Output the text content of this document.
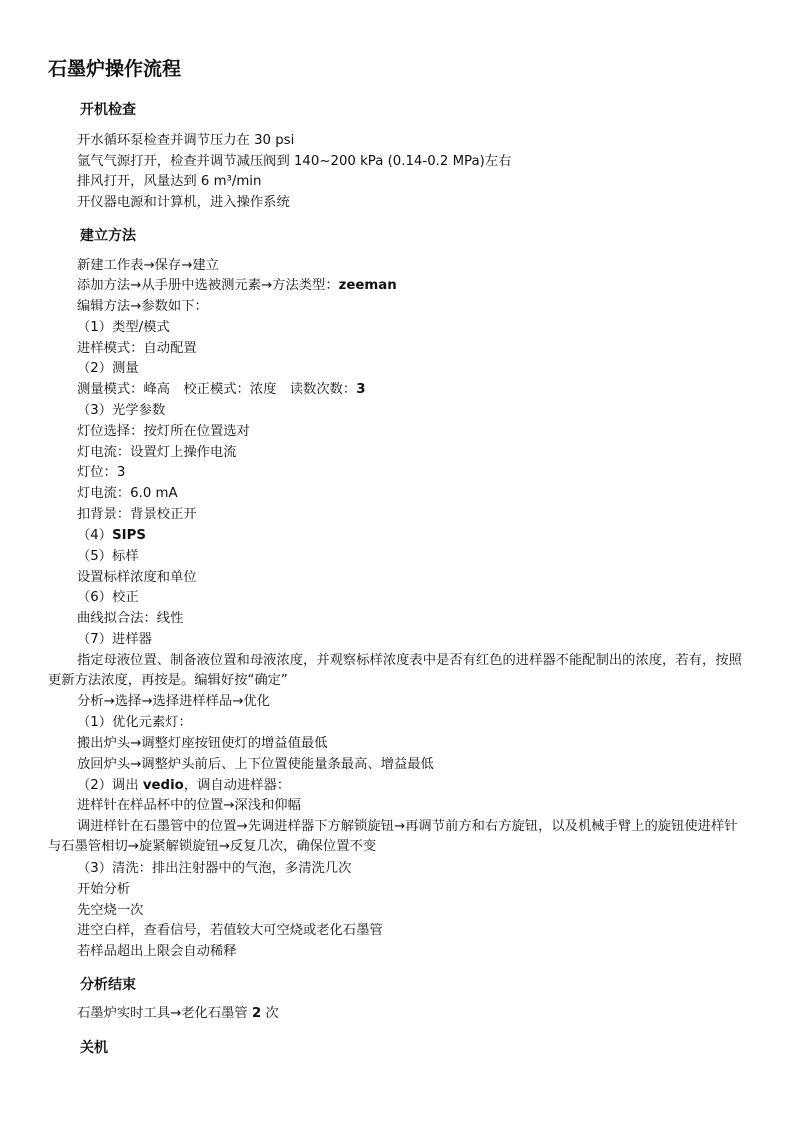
石墨炉操作流程
开机检查
开水循环泵检查并调节压力在 30 psi
氩气气源打开，检查并调节减压阀到 140~200 kPa (0.14-0.2 MPa)左右
排风打开，风量达到 6 m³/min
开仪器电源和计算机，进入操作系统
建立方法
新建工作表→保存→建立
添加方法→从手册中选被测元素→方法类型：zeeman
编辑方法→参数如下：
（1）类型/模式
进样模式：自动配置
（2）测量
测量模式：峰高　校正模式：浓度　读数次数：3
（3）光学参数
灯位选择：按灯所在位置选对
灯电流：设置灯上操作电流
灯位：3
灯电流：6.0 mA
扣背景：背景校正开
（4）SIPS
（5）标样
设置标样浓度和单位
（6）校正
曲线拟合法：线性
（7）进样器
指定母液位置、制备液位置和母液浓度，并观察标样浓度表中是否有红色的进样器不能配制出的浓度，若有，按照更新方法浓度，再按是。编辑好按“确定”
分析→选择→选择进样样品→优化
（1）优化元素灯：
搬出炉头→调整灯座按钮使灯的增益值最低
放回炉头→调整炉头前后、上下位置使能量条最高、增益最低
（2）调出 vedio，调自动进样器：
进样针在样品杯中的位置→深浅和仰幅
调进样针在石墨管中的位置→先调进样器下方解锁旋钮→再调节前方和右方旋钮，以及机械手臂上的旋钮使进样针与石墨管相切→旋紧解锁旋钮→反复几次，确保位置不变
（3）清洗：排出注射器中的气泡，多清洗几次
开始分析
先空烧一次
进空白样，查看信号，若值较大可空烧或老化石墨管
若样品超出上限会自动稀释
分析结束
石墨炉实时工具→老化石墨管 2 次
关机
